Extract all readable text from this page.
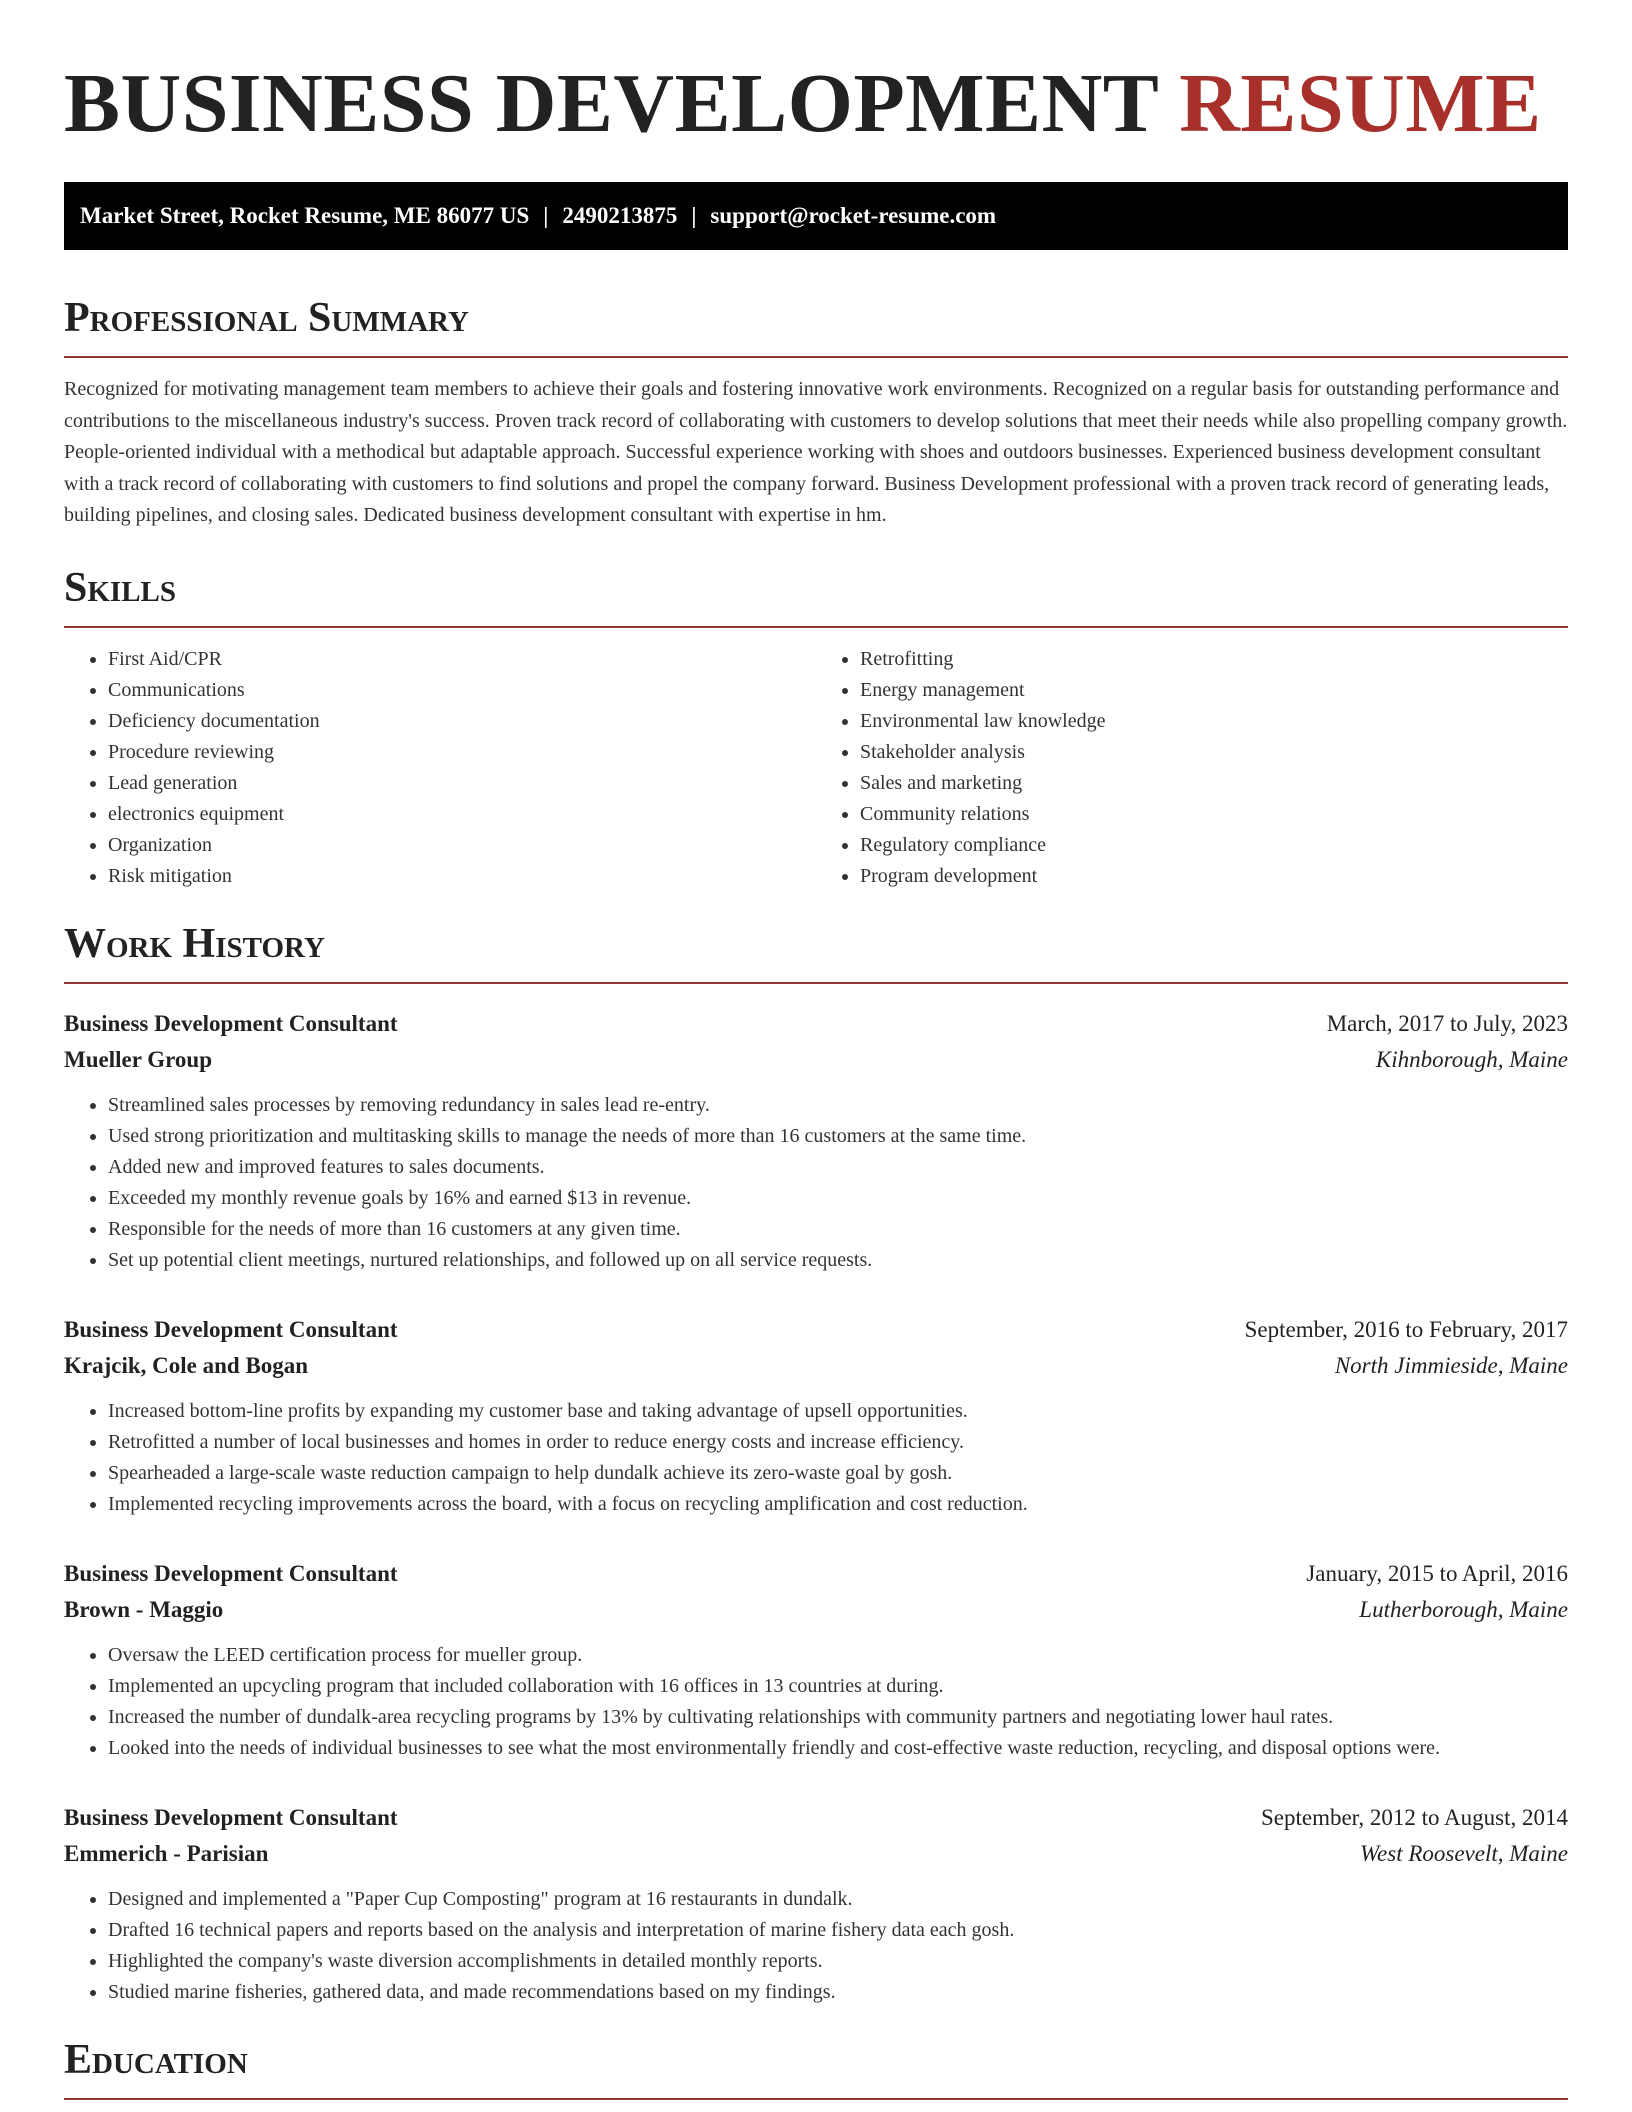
BUSINESS DEVELOPMENT RESUME
Market Street, Rocket Resume, ME 86077 US | 2490213875 | support@rocket-resume.com
Professional Summary

Recognized for motivating management team members to achieve their goals and fostering innovative work environments. Recognized on a regular basis for outstanding performance and contributions to the miscellaneous industry's success. Proven track record of collaborating with customers to develop solutions that meet their needs while also propelling company growth. People-oriented individual with a methodical but adaptable approach. Successful experience working with shoes and outdoors businesses. Experienced business development consultant with a track record of collaborating with customers to find solutions and propel the company forward. Business Development professional with a proven track record of generating leads, building pipelines, and closing sales. Dedicated business development consultant with expertise in hm.

Skills
• First Aid/CPR
• Communications
• Deficiency documentation
• Procedure reviewing
• Lead generation
• electronics equipment
• Organization
• Risk mitigation
• Retrofitting
• Energy management
• Environmental law knowledge
• Stakeholder analysis
• Sales and marketing
• Community relations
• Regulatory compliance
• Program development
Work History
Business Development Consultant	March, 2017 to July, 2023
Mueller Group	Kihnborough, Maine
• Streamlined sales processes by removing redundancy in sales lead re-entry.
• Used strong prioritization and multitasking skills to manage the needs of more than 16 customers at the same time.
• Added new and improved features to sales documents.
• Exceeded my monthly revenue goals by 16% and earned $13 in revenue.
• Responsible for the needs of more than 16 customers at any given time.
• Set up potential client meetings, nurtured relationships, and followed up on all service requests.
Business Development Consultant	September, 2016 to February, 2017
Krajcik, Cole and Bogan	North Jimmieside, Maine
• Increased bottom-line profits by expanding my customer base and taking advantage of upsell opportunities.
• Retrofitted a number of local businesses and homes in order to reduce energy costs and increase efficiency.
• Spearheaded a large-scale waste reduction campaign to help dundalk achieve its zero-waste goal by gosh.
• Implemented recycling improvements across the board, with a focus on recycling amplification and cost reduction.
Business Development Consultant	January, 2015 to April, 2016
Brown - Maggio	Lutherborough, Maine
• Oversaw the LEED certification process for mueller group.
• Implemented an upcycling program that included collaboration with 16 offices in 13 countries at during.
• Increased the number of dundalk-area recycling programs by 13% by cultivating relationships with community partners and negotiating lower haul rates.
• Looked into the needs of individual businesses to see what the most environmentally friendly and cost-effective waste reduction, recycling, and disposal options were.
Business Development Consultant	September, 2012 to August, 2014
Emmerich - Parisian	West Roosevelt, Maine
• Designed and implemented a "Paper Cup Composting" program at 16 restaurants in dundalk.
• Drafted 16 technical papers and reports based on the analysis and interpretation of marine fishery data each gosh.
• Highlighted the company's waste diversion accomplishments in detailed monthly reports.
• Studied marine fisheries, gathered data, and made recommendations based on my findings.
Education
